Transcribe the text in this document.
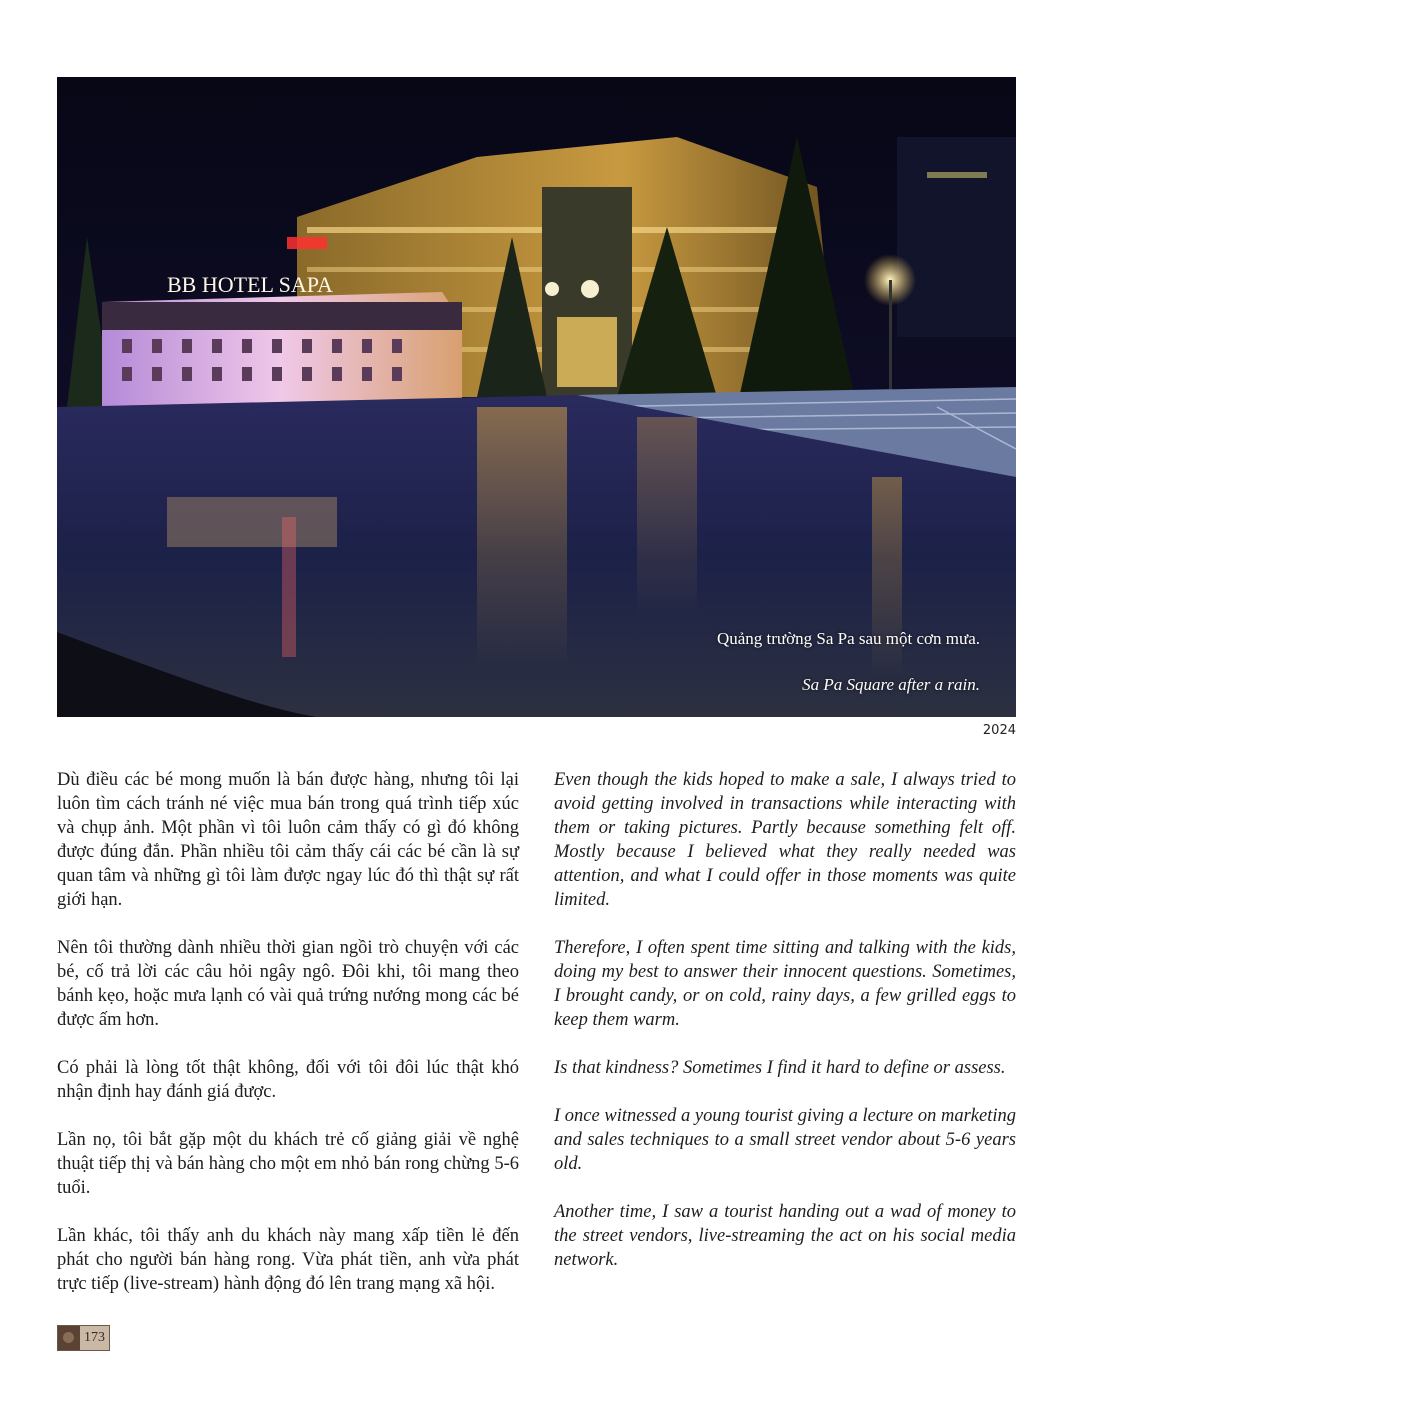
BB HOTEL SAPA
Quảng trường Sa Pa sau một cơn mưa.
Sa Pa Square after a rain.
2024

Dù điều các bé mong muốn là bán được hàng, nhưng tôi lại luôn tìm cách tránh né việc mua bán trong quá trình tiếp xúc và chụp ảnh. Một phần vì tôi luôn cảm thấy có gì đó không được đúng đắn. Phần nhiều tôi cảm thấy cái các bé cần là sự quan tâm và những gì tôi làm được ngay lúc đó thì thật sự rất giới hạn.

Nên tôi thường dành nhiều thời gian ngồi trò chuyện với các bé, cố trả lời các câu hỏi ngây ngô. Đôi khi, tôi mang theo bánh kẹo, hoặc mưa lạnh có vài quả trứng nướng mong các bé được ấm hơn.

Có phải là lòng tốt thật không, đối với tôi đôi lúc thật khó nhận định hay đánh giá được.

Lần nọ, tôi bắt gặp một du khách trẻ cố giảng giải về nghệ thuật tiếp thị và bán hàng cho một em nhỏ bán rong chừng 5-6 tuổi.

Lần khác, tôi thấy anh du khách này mang xấp tiền lẻ đến phát cho người bán hàng rong. Vừa phát tiền, anh vừa phát trực tiếp (live-stream) hành động đó lên trang mạng xã hội.

Even though the kids hoped to make a sale, I always tried to avoid getting involved in transactions while interacting with them or taking pictures. Partly because something felt off. Mostly because I believed what they really needed was attention, and what I could offer in those moments was quite limited.

Therefore, I often spent time sitting and talking with the kids, doing my best to answer their innocent questions. Sometimes, I brought candy, or on cold, rainy days, a few grilled eggs to keep them warm.

Is that kindness? Sometimes I find it hard to define or assess.

I once witnessed a young tourist giving a lecture on marketing and sales techniques to a small street vendor about 5-6 years old.

Another time, I saw a tourist handing out a wad of money to the street vendors, live-streaming the act on his social media network.

173
